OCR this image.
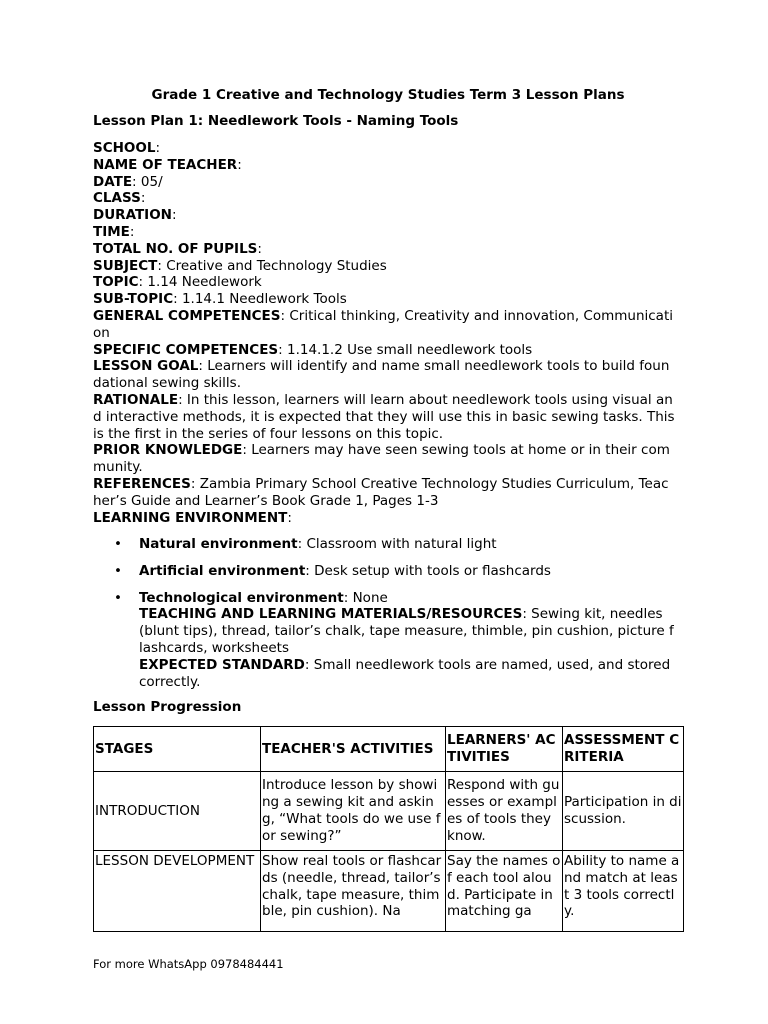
Grade 1 Creative and Technology Studies Term 3 Lesson Plans
Lesson Plan 1: Needlework Tools - Naming Tools

SCHOOL:

NAME OF TEACHER:

DATE: 05/

CLASS:

DURATION:

TIME:

TOTAL NO. OF PUPILS:

SUBJECT: Creative and Technology Studies

TOPIC: 1.14 Needlework

SUB-TOPIC: 1.14.1 Needlework Tools

GENERAL COMPETENCES: Critical thinking, Creativity and innovation, Communication

SPECIFIC COMPETENCES: 1.14.1.2 Use small needlework tools

LESSON GOAL: Learners will identify and name small needlework tools to build foundational sewing skills.

RATIONALE: In this lesson, learners will learn about needlework tools using visual and interactive methods, it is expected that they will use this in basic sewing tasks. This is the first in the series of four lessons on this topic.

PRIOR KNOWLEDGE: Learners may have seen sewing tools at home or in their community.

REFERENCES: Zambia Primary School Creative Technology Studies Curriculum, Teacher’s Guide and Learner’s Book Grade 1, Pages 1-3

LEARNING ENVIRONMENT:

• Natural environment: Classroom with natural light
• Artificial environment: Desk setup with tools or flashcards
• Technological environment: None
TEACHING AND LEARNING MATERIALS/RESOURCES: Sewing kit, needles (blunt tips), thread, tailor’s chalk, tape measure, thimble, pin cushion, picture flashcards, worksheets
EXPECTED STANDARD: Small needlework tools are named, used, and stored correctly.
Lesson Progression
STAGES	TEACHER'S ACTIVITIES	LEARNERS' ACTIVITIES	ASSESSMENT CRITERIA
INTRODUCTION	Introduce lesson by showing a sewing kit and asking, “What tools do we use for sewing?”	Respond with guesses or examples of tools they know.	Participation in discussion.
LESSON DEVELOPMENT	Show real tools or flashcards (needle, thread, tailor’s chalk, tape measure, thimble, pin cushion). Na	Say the names of each tool aloud. Participate in matching ga	Ability to name and match at least 3 tools correctly.
For more WhatsApp 0978484441
